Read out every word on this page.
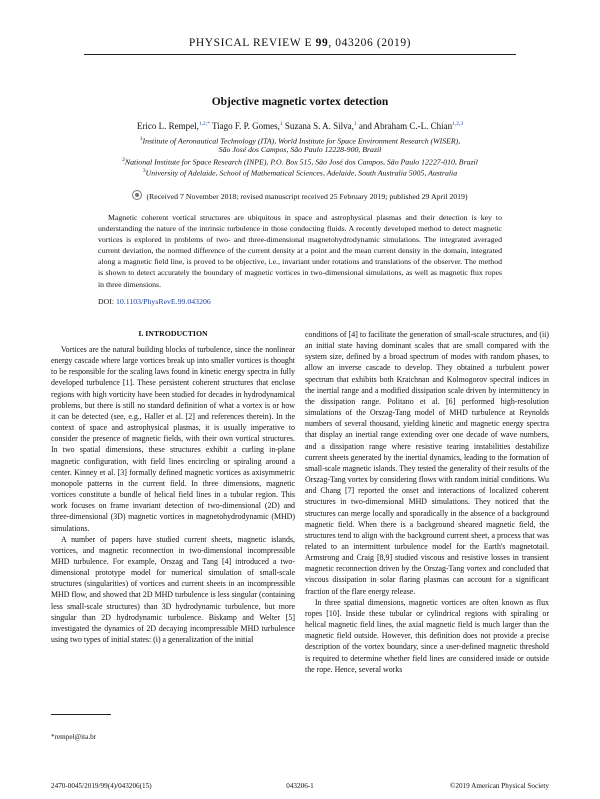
PHYSICAL REVIEW E 99, 043206 (2019)
Objective magnetic vortex detection
Erico L. Rempel,$^{1,2,*}$ Tiago F. P. Gomes,$^1$ Suzana S. A. Silva,$^1$ and Abraham C.-L. Chian$^{1,2,3}$
$^1$Institute of Aeronautical Technology (ITA), World Institute for Space Environment Research (WISER),
São José dos Campos, São Paulo 12228-900, Brazil
$^2$National Institute for Space Research (INPE), P.O. Box 515, São José dos Campos, São Paulo 12227-010, Brazil
$^3$University of Adelaide, School of Mathematical Sciences, Adelaide, South Australia 5005, Australia
(Received 7 November 2018; revised manuscript received 25 February 2019; published 29 April 2019)
Magnetic coherent vortical structures are ubiquitous in space and astrophysical plasmas and their detection is key to understanding the nature of the intrinsic turbulence in those conducting fluids. A recently developed method to detect magnetic vortices is explored in problems of two- and three-dimensional magnetohydrodynamic simulations. The integrated averaged current deviation, the normed difference of the current density at a point and the mean current density in the domain, integrated along a magnetic field line, is proved to be objective, i.e., invariant under rotations and translations of the observer. The method is shown to detect accurately the boundary of magnetic vortices in two-dimensional simulations, as well as magnetic flux ropes in three dimensions.
DOI: 10.1103/PhysRevE.99.043206
I. INTRODUCTION

Vortices are the natural building blocks of turbulence, since the nonlinear energy cascade where large vortices break up into smaller vortices is thought to be responsible for the scaling laws found in kinetic energy spectra in fully developed turbulence [1]. These persistent coherent structures that enclose regions with high vorticity have been studied for decades in hydrodynamical problems, but there is still no standard definition of what a vortex is or how it can be detected (see, e.g., Haller et al. [2] and references therein). In the context of space and astrophysical plasmas, it is usually imperative to consider the presence of magnetic fields, with their own vortical structures. In two spatial dimensions, these structures exhibit a curling in-plane magnetic configuration, with field lines encircling or spiraling around a center. Kinney et al. [3] formally defined magnetic vortices as axisymmetric monopole patterns in the current field. In three dimensions, magnetic vortices constitute a bundle of helical field lines in a tubular region. This work focuses on frame invariant detection of two-dimensional (2D) and three-dimensional (3D) magnetic vortices in magnetohydrodynamic (MHD) simulations.

A number of papers have studied current sheets, magnetic islands, vortices, and magnetic reconnection in two-dimensional incompressible MHD turbulence. For example, Orszag and Tang [4] introduced a two-dimensional prototype model for numerical simulation of small-scale structures (singularities) of vortices and current sheets in an incompressible MHD flow, and showed that 2D MHD turbulence is less singular (containing less small-scale structures) than 3D hydrodynamic turbulence, but more singular than 2D hydrodynamic turbulence. Biskamp and Welter [5] investigated the dynamics of 2D decaying incompressible MHD turbulence using two types of initial states: (i) a generalization of the initial

conditions of [4] to facilitate the generation of small-scale structures, and (ii) an initial state having dominant scales that are small compared with the system size, defined by a broad spectrum of modes with random phases, to allow an inverse cascade to develop. They obtained a turbulent power spectrum that exhibits both Kraichnan and Kolmogorov spectral indices in the inertial range and a modified dissipation scale driven by intermittency in the dissipation range. Politano et al. [6] performed high-resolution simulations of the Orszag-Tang model of MHD turbulence at Reynolds numbers of several thousand, yielding kinetic and magnetic energy spectra that display an inertial range extending over one decade of wave numbers, and a dissipation range where resistive tearing instabilities destabilize current sheets generated by the inertial dynamics, leading to the formation of small-scale magnetic islands. They tested the generality of their results of the Orszag-Tang vortex by considering flows with random initial conditions. Wu and Chang [7] reported the onset and interactions of localized coherent structures in two-dimensional MHD simulations. They noticed that the structures can merge locally and sporadically in the absence of a background magnetic field. When there is a background sheared magnetic field, the structures tend to align with the background current sheet, a process that was related to an intermittent turbulence model for the Earth's magnetotail. Armstrong and Craig [8,9] studied viscous and resistive losses in transient magnetic reconnection driven by the Orszag-Tang vortex and concluded that viscous dissipation in solar flaring plasmas can account for a significant fraction of the flare energy release.

In three spatial dimensions, magnetic vortices are often known as flux ropes [10]. Inside these tubular or cylindrical regions with spiraling or helical magnetic field lines, the axial magnetic field is much larger than the magnetic field outside. However, this definition does not provide a precise description of the vortex boundary, since a user-defined magnetic threshold is required to determine whether field lines are considered inside or outside the rope. Hence, several works

*rempel@ita.br
2470-0045/2019/99(4)/043206(15)	043206-1	©2019 American Physical Society
